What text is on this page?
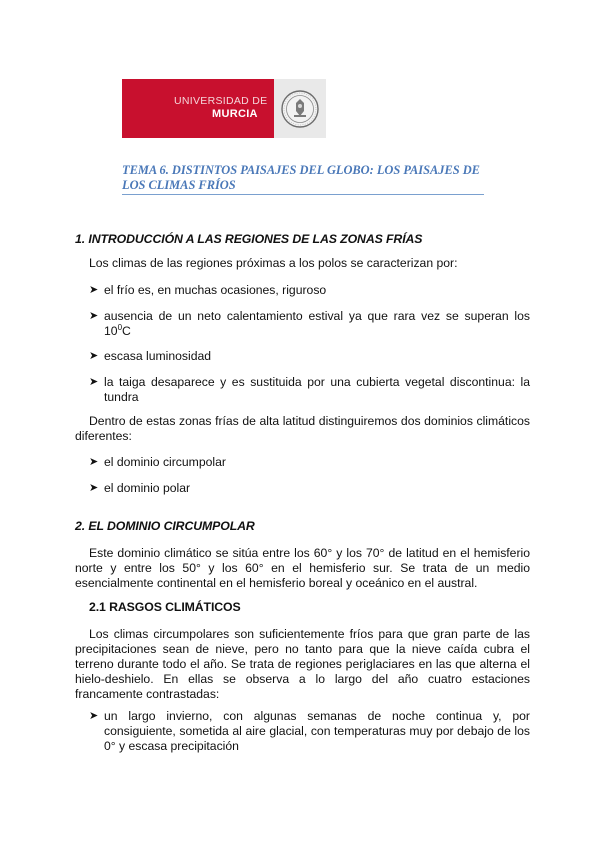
UNIVERSIDAD DE
MURCIA

TEMA 6. DISTINTOS PAISAJES DEL GLOBO: LOS PAISAJES DE LOS CLIMAS FRÍOS

1. INTRODUCCIÓN A LAS REGIONES DE LAS ZONAS FRÍAS

Los climas de las regiones próximas a los polos se caracterizan por:

➤ el frío es, en muchas ocasiones, riguroso
➤ ausencia de un neto calentamiento estival ya que rara vez se superan los $10^0C$
➤ escasa luminosidad
➤ la taiga desaparece y es sustituida por una cubierta vegetal discontinua: la tundra

Dentro de estas zonas frías de alta latitud distinguiremos dos dominios climáticos diferentes:

➤ el dominio circumpolar
➤ el dominio polar
2. EL DOMINIO CIRCUMPOLAR

Este dominio climático se sitúa entre los 60° y los 70° de latitud en el hemisferio norte y entre los 50° y los 60° en el hemisferio sur. Se trata de un medio esencialmente continental en el hemisferio boreal y oceánico en el austral.

2.1 RASGOS CLIMÁTICOS

Los climas circumpolares son suficientemente fríos para que gran parte de las precipitaciones sean de nieve, pero no tanto para que la nieve caída cubra el terreno durante todo el año. Se trata de regiones periglaciares en las que alterna el hielo-deshielo. En ellas se observa a lo largo del año cuatro estaciones francamente contrastadas:

➤ un largo invierno, con algunas semanas de noche continua y, por consiguiente, sometida al aire glacial, con temperaturas muy por debajo de los 0° y escasa precipitación
